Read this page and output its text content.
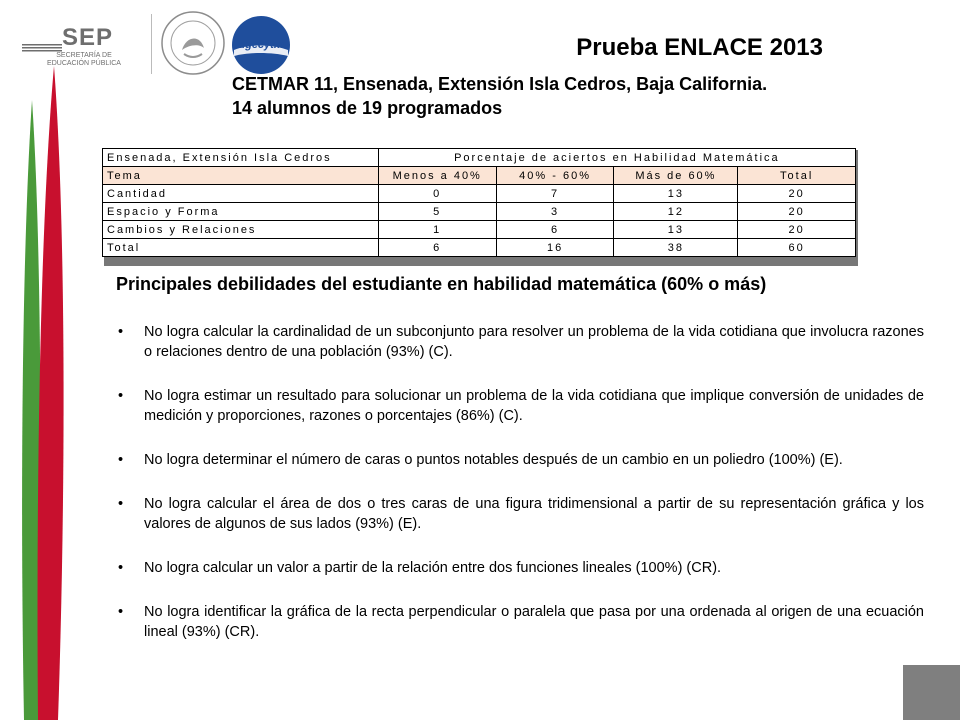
SEP
SECRETARÍA DE
EDUCACIÓN PÚBLICA
dgecytm	Prueba ENLACE 2013
CETMAR 11, Ensenada, Extensión Isla Cedros, Baja California.
14 alumnos de 19 programados
Ensenada, Extensión Isla Cedros	Porcentaje de aciertos en Habilidad Matemática			
Tema	Menos a 40%	40% - 60%	Más de 60%	Total
Cantidad	0	7	13	20
Espacio y Forma	5	3	12	20
Cambios y Relaciones	1	6	13	20
Total	6	16	38	60
Principales debilidades del estudiante en habilidad matemática (60% o más)
• No logra calcular la cardinalidad de un subconjunto para resolver un problema de la vida cotidiana que involucra razones o relaciones dentro de una población (93%) (C).
• No logra estimar un resultado para solucionar un problema de la vida cotidiana que implique conversión de unidades de medición y proporciones, razones o porcentajes (86%) (C).
• No logra determinar el número de caras o puntos notables después de un cambio en un poliedro (100%) (E).
• No logra calcular el área de dos o tres caras de una figura tridimensional a partir de su representación gráfica y los valores de algunos de sus lados (93%) (E).
• No logra calcular un valor a partir de la relación entre dos funciones lineales (100%) (CR).
• No logra identificar la gráfica de la recta perpendicular o paralela que pasa por una ordenada al origen de una ecuación lineal (93%) (CR).
